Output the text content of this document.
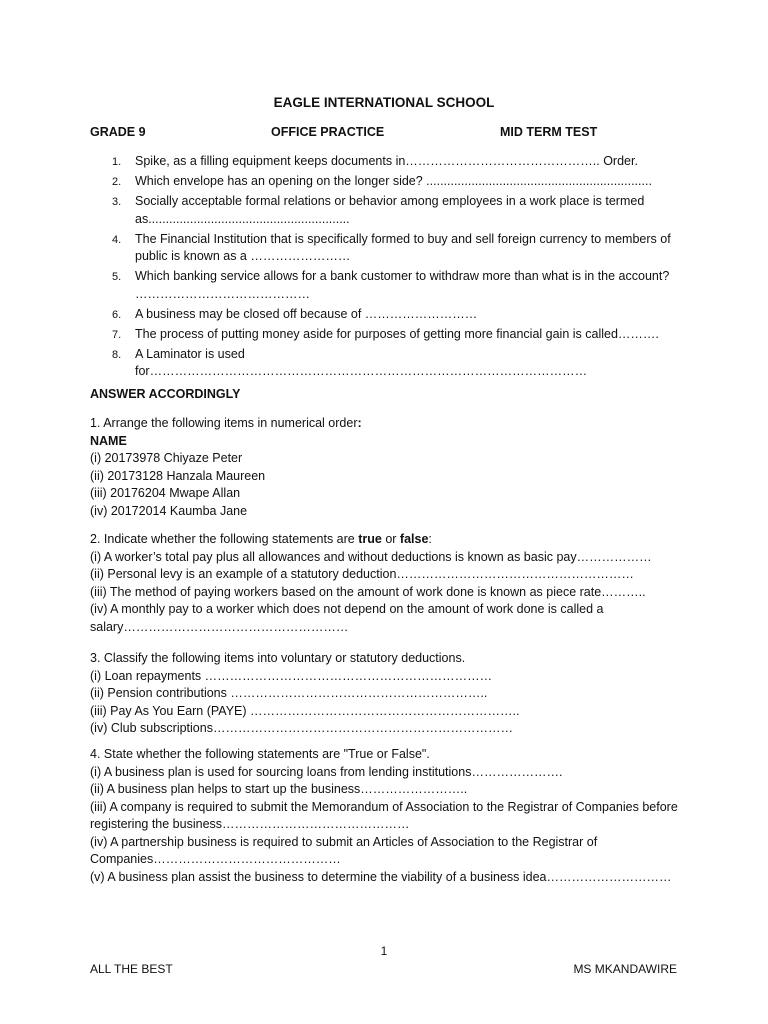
EAGLE INTERNATIONAL SCHOOL
GRADE 9	OFFICE PRACTICE	MID TERM TEST
1. Spike, as a filling equipment keeps documents in……………………………………….. Order.
2. Which envelope has an opening on the longer side? .................................................................
3. Socially acceptable formal relations or behavior among employees in a work place is termed as..........................................................
4. The Financial Institution that is specifically formed to buy and sell foreign currency to members of public is known as a ……………………
5. Which banking service allows for a bank customer to withdraw more than what is in the account? ……………………………………
6. A business may be closed off because of ………………………
7. The process of putting money aside for purposes of getting more financial gain is called……….
8. A Laminator is used for……………………………………………………………………………………………
ANSWER ACCORDINGLY

1. Arrange the following items in numerical order:

NAME

(i) 20173978 Chiyaze Peter

(ii) 20173128 Hanzala Maureen

(iii) 20176204 Mwape Allan

(iv) 20172014 Kaumba Jane

2. Indicate whether the following statements are true or false:

(i) A worker’s total pay plus all allowances and without deductions is known as basic pay………………

(ii) Personal levy is an example of a statutory deduction…………………………………………………

(iii) The method of paying workers based on the amount of work done is known as piece rate………..

(iv) A monthly pay to a worker which does not depend on the amount of work done is called a salary………………………………………………

3. Classify the following items into voluntary or statutory deductions.

(i) Loan repayments ……………………………………………………………

(ii) Pension contributions ……………………………………………………..

(iii) Pay As You Earn (PAYE) ………………………………………………………..

(iv) Club subscriptions………………………………………………………………

4. State whether the following statements are "True or False".

(i) A business plan is used for sourcing loans from lending institutions………………….

(ii) A business plan helps to start up the business……………………..

(iii) A company is required to submit the Memorandum of Association to the Registrar of Companies before registering the business………………………………………

(iv) A partnership business is required to submit an Articles of Association to the Registrar of Companies………………………………………

(v) A business plan assist the business to determine the viability of a business idea…………………………

1
ALL THE BEST	MS MKANDAWIRE
